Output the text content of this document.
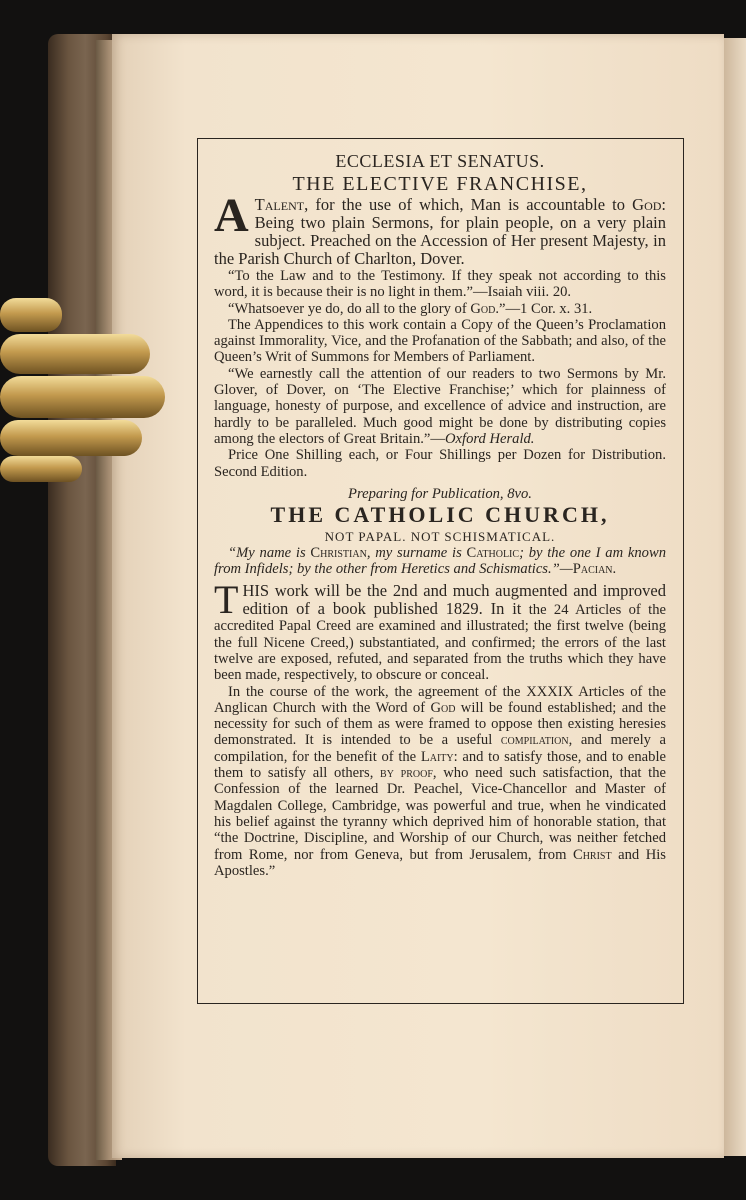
ECCLESIA ET SENATUS.

THE ELECTIVE FRANCHISE,

A Talent, for the use of which, Man is accountable to God: Being two plain Sermons, for plain people, on a very plain subject. Preached on the Accession of Her present Majesty, in the Parish Church of Charlton, Dover.

“To the Law and to the Testimony. If they speak not according to this word, it is because their is no light in them.”—Isaiah viii. 20.

“Whatsoever ye do, do all to the glory of God.”—1 Cor. x. 31.

The Appendices to this work contain a Copy of the Queen’s Proclamation against Immorality, Vice, and the Profanation of the Sabbath; and also, of the Queen’s Writ of Summons for Members of Parliament.

“We earnestly call the attention of our readers to two Sermons by Mr. Glover, of Dover, on ‘The Elective Franchise;’ which for plainness of language, honesty of purpose, and excellence of advice and instruction, are hardly to be paralleled. Much good might be done by distributing copies among the electors of Great Britain.”—Oxford Herald.

Price One Shilling each, or Four Shillings per Dozen for Distribution. Second Edition.

Preparing for Publication, 8vo.

THE CATHOLIC CHURCH,

NOT PAPAL. NOT SCHISMATICAL.

“My name is Christian, my surname is Catholic; by the one I am known from Infidels; by the other from Heretics and Schismatics.”—Pacian.

THIS work will be the 2nd and much augmented and improved edition of a book published 1829. In it the 24 Articles of the accredited Papal Creed are examined and illustrated; the first twelve (being the full Nicene Creed,) substantiated, and confirmed; the errors of the last twelve are exposed, refuted, and separated from the truths which they have been made, respectively, to obscure or conceal.

In the course of the work, the agreement of the XXXIX Articles of the Anglican Church with the Word of God will be found established; and the necessity for such of them as were framed to oppose then existing heresies demonstrated. It is intended to be a useful compilation, and merely a compilation, for the benefit of the Laity: and to satisfy those, and to enable them to satisfy all others, by proof, who need such satisfaction, that the Confession of the learned Dr. Peachel, Vice-Chancellor and Master of Magdalen College, Cambridge, was powerful and true, when he vindicated his belief against the tyranny which deprived him of honorable station, that “the Doctrine, Discipline, and Worship of our Church, was neither fetched from Rome, nor from Geneva, but from Jerusalem, from Christ and His Apostles.”
